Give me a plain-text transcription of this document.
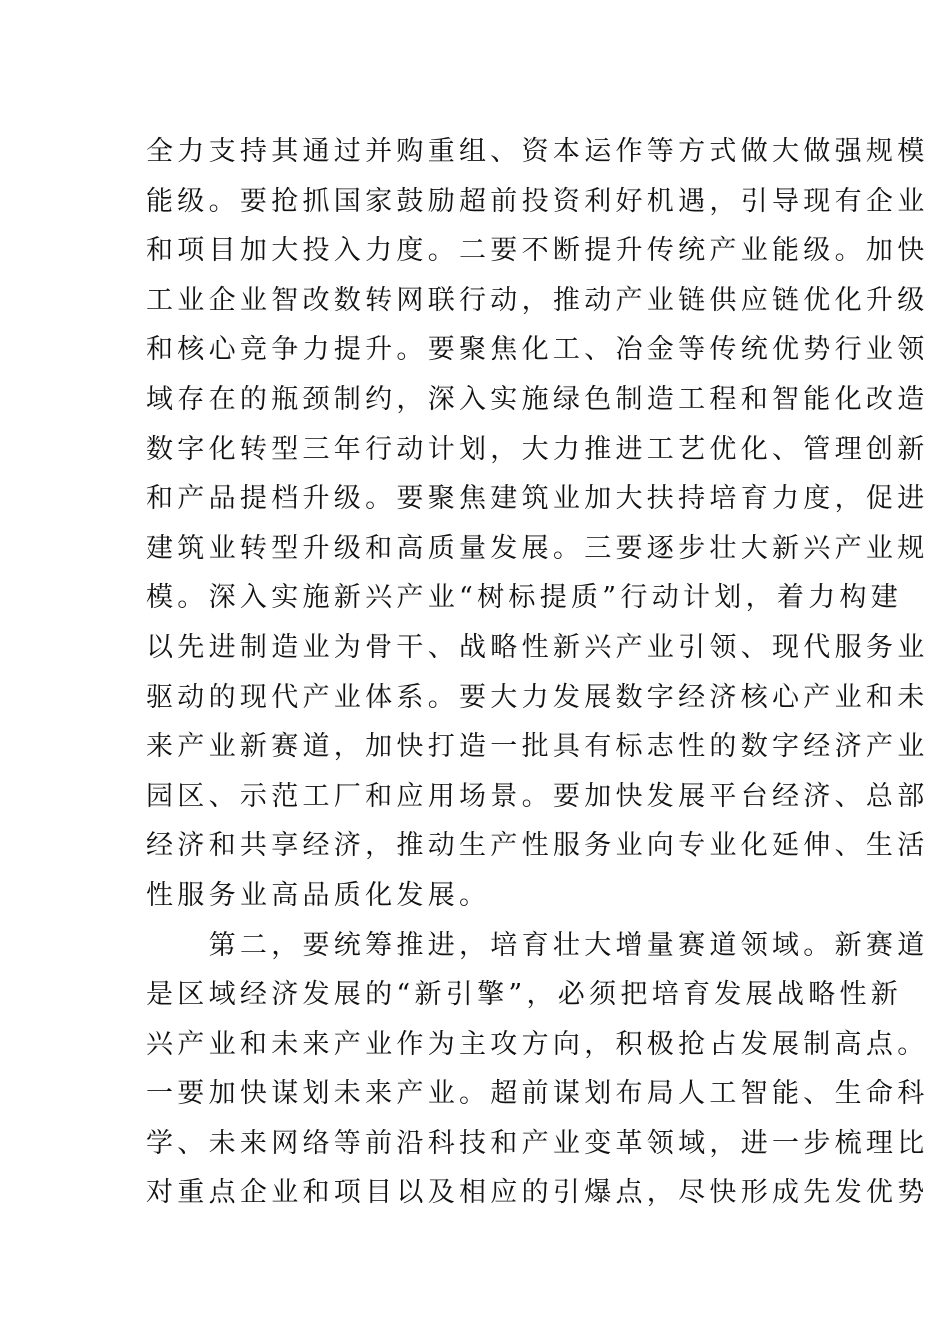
全力支持其通过并购重组、资本运作等方式做大做强规模
能级。要抢抓国家鼓励超前投资利好机遇，引导现有企业
和项目加大投入力度。二要不断提升传统产业能级。加快
工业企业智改数转网联行动，推动产业链供应链优化升级
和核心竞争力提升。要聚焦化工、冶金等传统优势行业领
域存在的瓶颈制约，深入实施绿色制造工程和智能化改造
数字化转型三年行动计划，大力推进工艺优化、管理创新
和产品提档升级。要聚焦建筑业加大扶持培育力度，促进
建筑业转型升级和高质量发展。三要逐步壮大新兴产业规
模。深入实施新兴产业“树标提质”行动计划，着力构建
以先进制造业为骨干、战略性新兴产业引领、现代服务业
驱动的现代产业体系。要大力发展数字经济核心产业和未
来产业新赛道，加快打造一批具有标志性的数字经济产业
园区、示范工厂和应用场景。要加快发展平台经济、总部
经济和共享经济，推动生产性服务业向专业化延伸、生活
性服务业高品质化发展。
　　第二，要统筹推进，培育壮大增量赛道领域。新赛道
是区域经济发展的“新引擎”，必须把培育发展战略性新
兴产业和未来产业作为主攻方向，积极抢占发展制高点。
一要加快谋划未来产业。超前谋划布局人工智能、生命科
学、未来网络等前沿科技和产业变革领域，进一步梳理比
对重点企业和项目以及相应的引爆点，尽快形成先发优势
